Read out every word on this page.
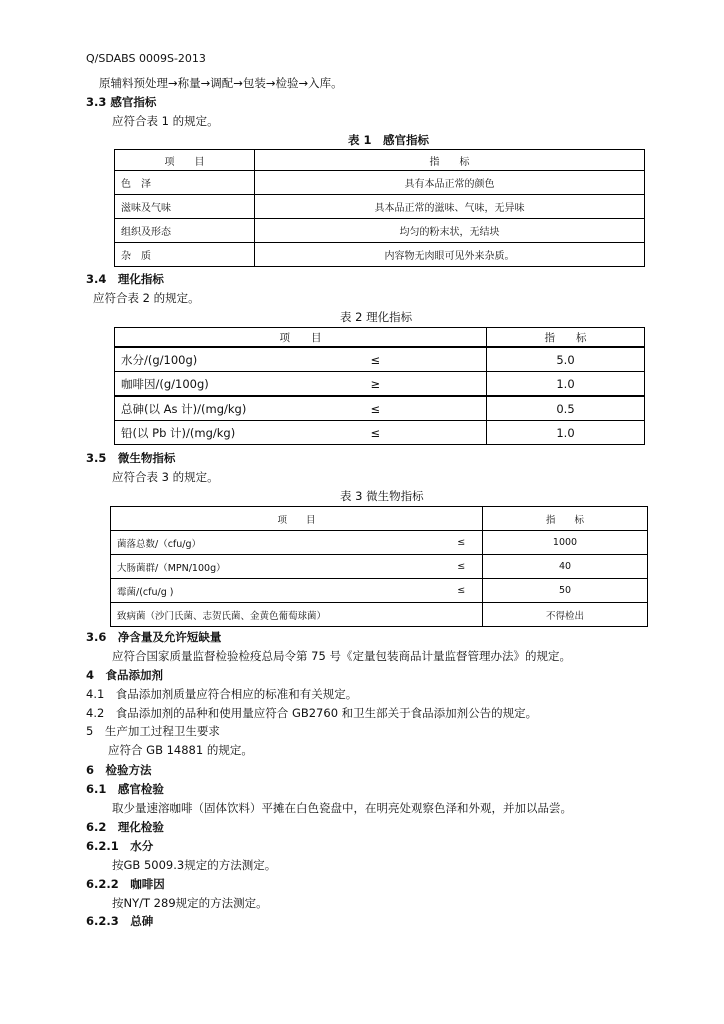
Q/SDABS 0009S-2013
原辅料预处理→称量→调配→包装→检验→入库。
3.3 感官指标
应符合表 1 的规定。
表 1　感官指标
项　　目	指　　标
色　泽	具有本品正常的颜色
滋味及气味	具本品正常的滋味、气味，无异味
组织及形态	均匀的粉末状，无结块
杂　质	内容物无肉眼可见外来杂质。
3.4　理化指标
应符合表 2 的规定。
表 2 理化指标
项　　目		指　　标
水分/(g/100g)	≤	5.0
咖啡因/(g/100g)	≥	1.0
总砷(以 As 计)/(mg/kg)	≤	0.5
铅(以 Pb 计)/(mg/kg)	≤	1.0
3.5　微生物指标
应符合表 3 的规定。
表 3 微生物指标
项　　目		指　　标
菌落总数/（cfu/g）	≤	1000
大肠菌群/（MPN/100g）	≤	40
霉菌/(cfu/g )	≤	50
致病菌（沙门氏菌、志贺氏菌、金黄色葡萄球菌）		不得检出
3.6　净含量及允许短缺量
应符合国家质量监督检验检疫总局令第 75 号《定量包装商品计量监督管理办法》的规定。
4　食品添加剂
4.1　食品添加剂质量应符合相应的标准和有关规定。
4.2　食品添加剂的品种和使用量应符合 GB2760 和卫生部关于食品添加剂公告的规定。
5　生产加工过程卫生要求
应符合 GB 14881 的规定。
6　检验方法
6.1　感官检验
取少量速溶咖啡（固体饮料）平摊在白色瓷盘中，在明亮处观察色泽和外观，并加以品尝。
6.2　理化检验
6.2.1　水分
按GB 5009.3规定的方法测定。
6.2.2　咖啡因
按NY/T 289规定的方法测定。
6.2.3　总砷
